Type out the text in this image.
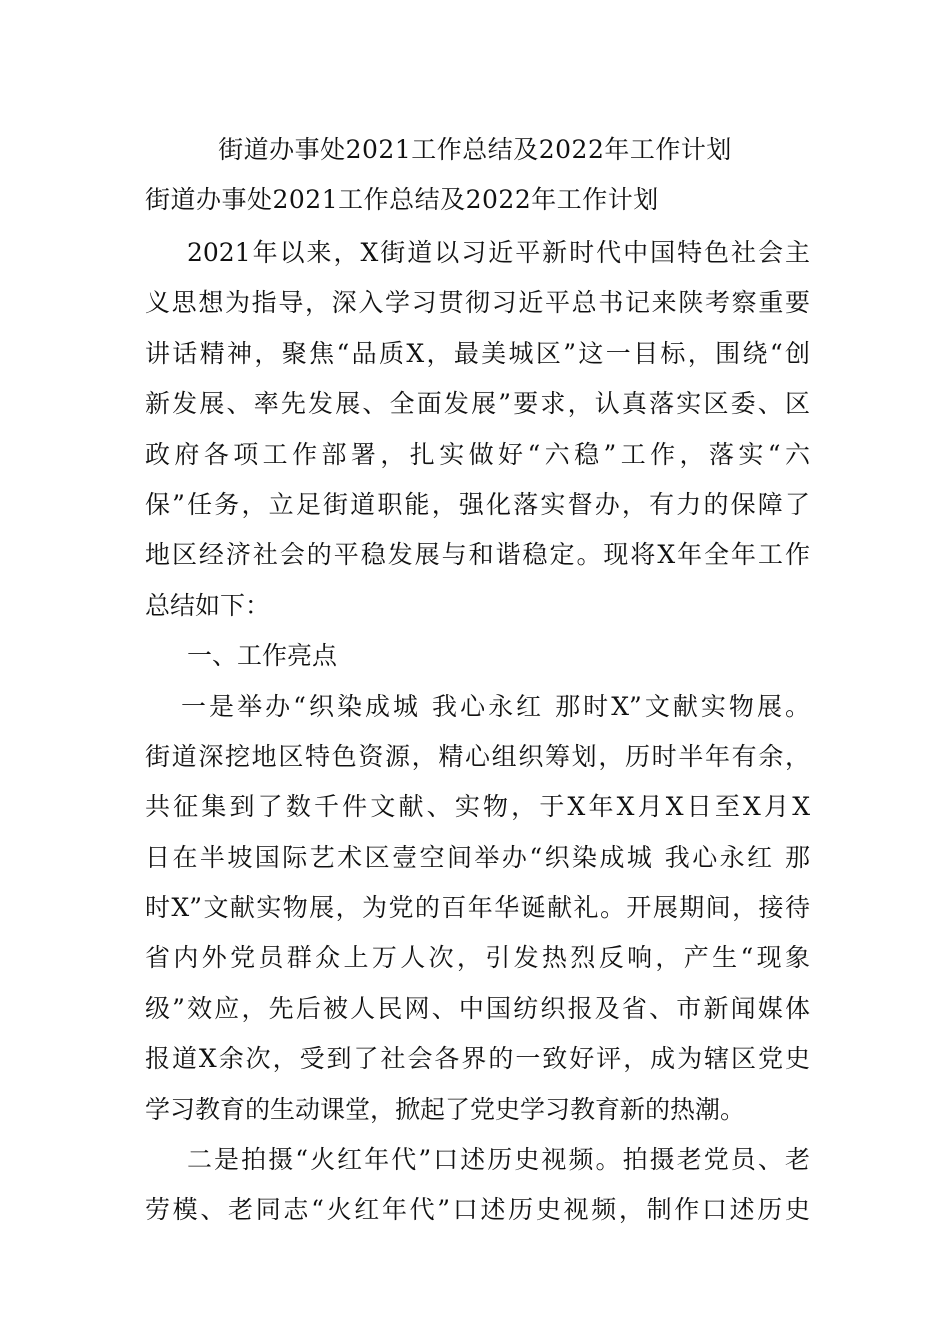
街道办事处2021工作总结及2022年工作计划
街道办事处2021工作总结及2022年工作计划

2021年以来，X街道以习近平新时代中国特色社会主
义思想为指导，深入学习贯彻习近平总书记来陕考察重要
讲话精神，聚焦“品质X，最美城区”这一目标，围绕“创
新发展、率先发展、全面发展”要求，认真落实区委、区
政府各项工作部署，扎实做好“六稳”工作，落实“六
保”任务，立足街道职能，强化落实督办，有力的保障了
地区经济社会的平稳发展与和谐稳定。现将X年全年工作
总结如下：

一、工作亮点

一是举办“织染成城 我心永红 那时X”文献实物展。
街道深挖地区特色资源，精心组织筹划，历时半年有余，
共征集到了数千件文献、实物，于X年X月X日至X月X
日在半坡国际艺术区壹空间举办“织染成城 我心永红 那
时X”文献实物展，为党的百年华诞献礼。开展期间，接待
省内外党员群众上万人次，引发热烈反响，产生“现象
级”效应，先后被人民网、中国纺织报及省、市新闻媒体
报道X余次，受到了社会各界的一致好评，成为辖区党史
学习教育的生动课堂，掀起了党史学习教育新的热潮。

二是拍摄“火红年代”口述历史视频。拍摄老党员、老
劳模、老同志“火红年代”口述历史视频，制作口述历史
